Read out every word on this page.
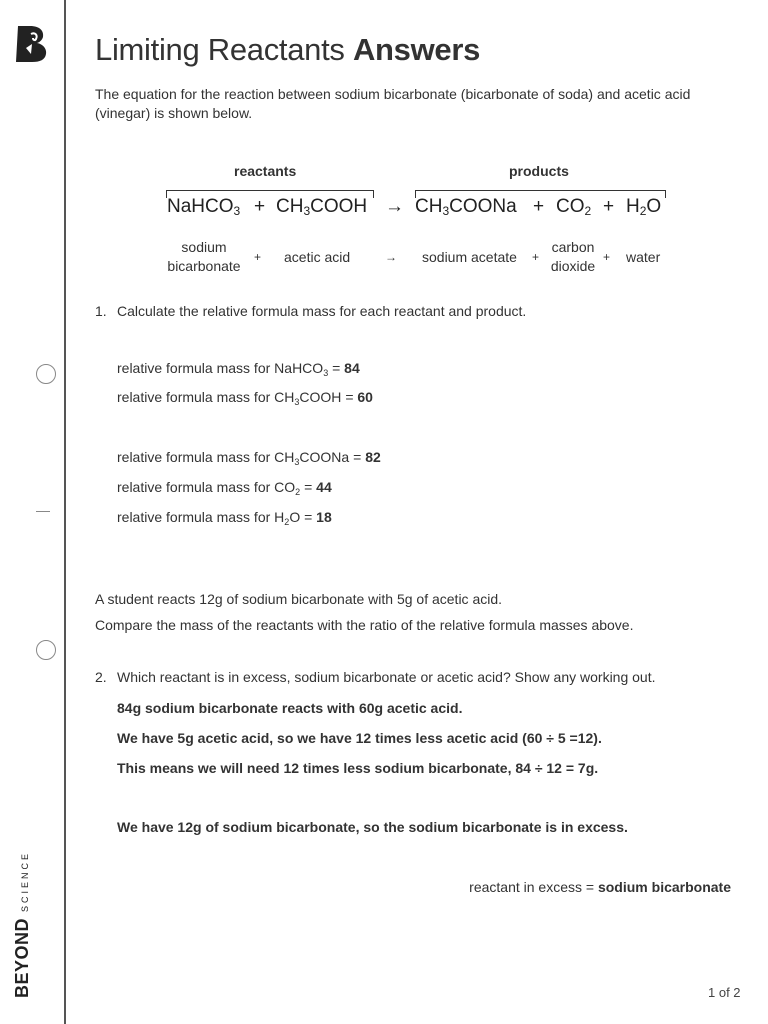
BEYONDSCIENCE
Limiting Reactants Answers
The equation for the reaction between sodium bicarbonate (bicarbonate of soda) and acetic acid (vinegar) is shown below.
reactants	products
NaHCO$_3$ + $CH_3COOH$ → $CH_3COONa + CO_2 + H_2O$
sodium
bicarbonate
+ acetic acid	→ sodium acetate +
carbon
dioxide
+ water
1. Calculate the relative formula mass for each reactant and product.
relative formula mass for NaHCO$_3$ = 84
relative formula mass for $CH_3COOH = 60$
relative formula mass for $CH_3COONa = 82$
relative formula mass for $CO_2 = 44$
relative formula mass for $H_2O = 18$
A student reacts 12g of sodium bicarbonate with 5g of acetic acid.
Compare the mass of the reactants with the ratio of the relative formula masses above.
2. Which reactant is in excess, sodium bicarbonate or acetic acid? Show any working out.
84g sodium bicarbonate reacts with 60g acetic acid.
We have 5g acetic acid, so we have 12 times less acetic acid (60 ÷ 5 =12).
This means we will need 12 times less sodium bicarbonate, 84 ÷ 12 = 7g.
We have 12g of sodium bicarbonate, so the sodium bicarbonate is in excess.
reactant in excess = sodium bicarbonate
1 of 2
